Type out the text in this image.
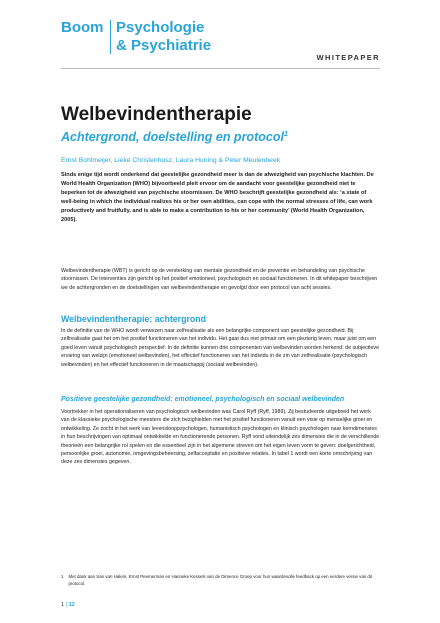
Boom Psychologie
& Psychiatrie
WHITEPAPER
Welbevindentherapie
Achtergrond, doelstelling en protocol$^1$
Ernst Bohlmeijer, Lieke Christenhusz, Laura Huning & Peter Meulenbeek
Sinds enige tijd wordt onderkend dat geestelijke gezondheid meer is dan de afwezigheid van psychische klachten. De World Health Organization (WHO) bijvoorbeeld pleit ervoor om de aandacht voor geestelijke gezondheid niet te beperken tot de afwezigheid van psychische stoornissen. De WHO beschrijft geestelijke gezondheid als: ‘a state of well-being in which the individual realizes his or her own abilities, can cope with the normal stresses of life, can work productively and fruitfully, and is able to make a contribution to his or her community’ (World Health Organization, 2005).
Welbevindentherapie (WBT) is gericht op de versterking van mentale gezondheid en de preventie en behandeling van psychische stoornissen. De interventies zijn gericht op het positief emotioneel, psychologisch en sociaal functioneren. In dit whitepaper beschrijven we de achtergronden en de doelstellingen van welbevindentherapie en gevolgd door een protocol van acht sessies.
Welbevindentherapie: achtergrond
In de definitie van de WHO wordt verwezen naar zelfrealisatie als een belangrijke component van geestelijke gezondheid. Bij zelfrealisatie gaat het om het positief functioneren van het individu. Het gaat dus niet primair om een plezierig leven, maar juist om een goed leven vanuit psychologisch perspectief. In de definitie kunnen drie componenten van welbevinden worden herkend: de subjectieve ervaring van welzijn (emotioneel welbevinden), het effectief functioneren van het individu in de zin van zelfrealisatie (psychologisch welbevinden) en het effectief functioneren in de maatschappij (sociaal welbevinden).
Positieve geestelijke gezondheid: emotioneel, psychologisch en sociaal welbevinden
Voortrekker in het operationaliseren van psychologisch welbevinden was Carol Ryff (Ryff, 1989). Zij bestudeerde uitgebreid het werk van de klassieke psychologische meesters die zich bezighielden met het positief functioneren vanuit een visie op menselijke groei en ontwikkeling. Ze zocht in het werk van levenslooppsychologen, humanistisch psychologen en klinisch psychologen naar kerndimensies in hun beschrijvingen van optimaal ontwikkelde en functionerende personen. Ryff vond uiteindelijk zes dimensies die in de verschillende theorieën een belangrijke rol spelen en die essentieel zijn in het algemene streven om het eigen leven vorm te geven: doelgerichtheid, persoonlijke groei, autonomie, omgevingsbeheersing, zelfacceptatie en positieve relaties. In tabel 1 wordt een korte omschrijving van deze zes dimensies gegeven.
1 Met dank aan San van Halem, Ernst Peemerman en Hanneke Kessels van de Dimence Groep voor hun waardevolle feedback op een eerdere versie van dit protocol.
1 | 12
